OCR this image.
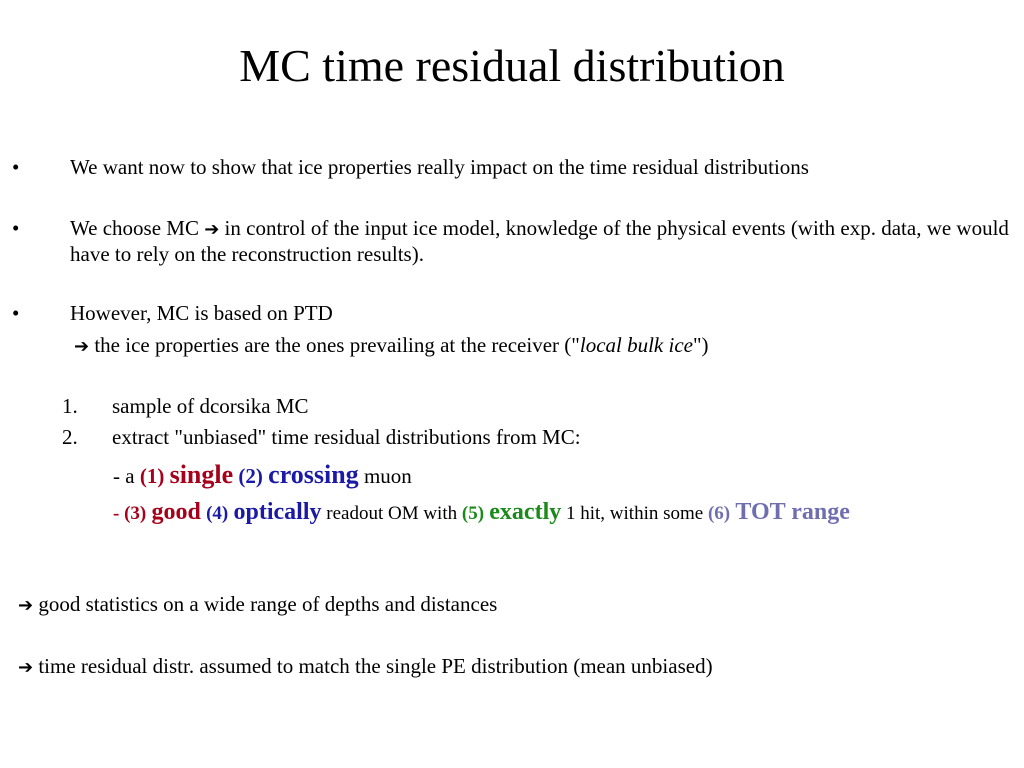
MC time residual distribution
• We want now to show that ice properties really impact on the time residual distributions
• We choose MC ➔ in control of the input ice model, knowledge of the physical events (with exp. data, we would have to rely on the reconstruction results).
• However, MC is based on PTD
➔ the ice properties are the ones prevailing at the receiver ("local bulk ice")
1. sample of dcorsika MC
2. extract "unbiased" time residual distributions from MC:
- a (1) single (2) crossing muon
- (3) good (4) optically readout OM with (5) exactly 1 hit, within some (6) TOT range
➔ good statistics on a wide range of depths and distances
➔ time residual distr. assumed to match the single PE distribution (mean unbiased)
